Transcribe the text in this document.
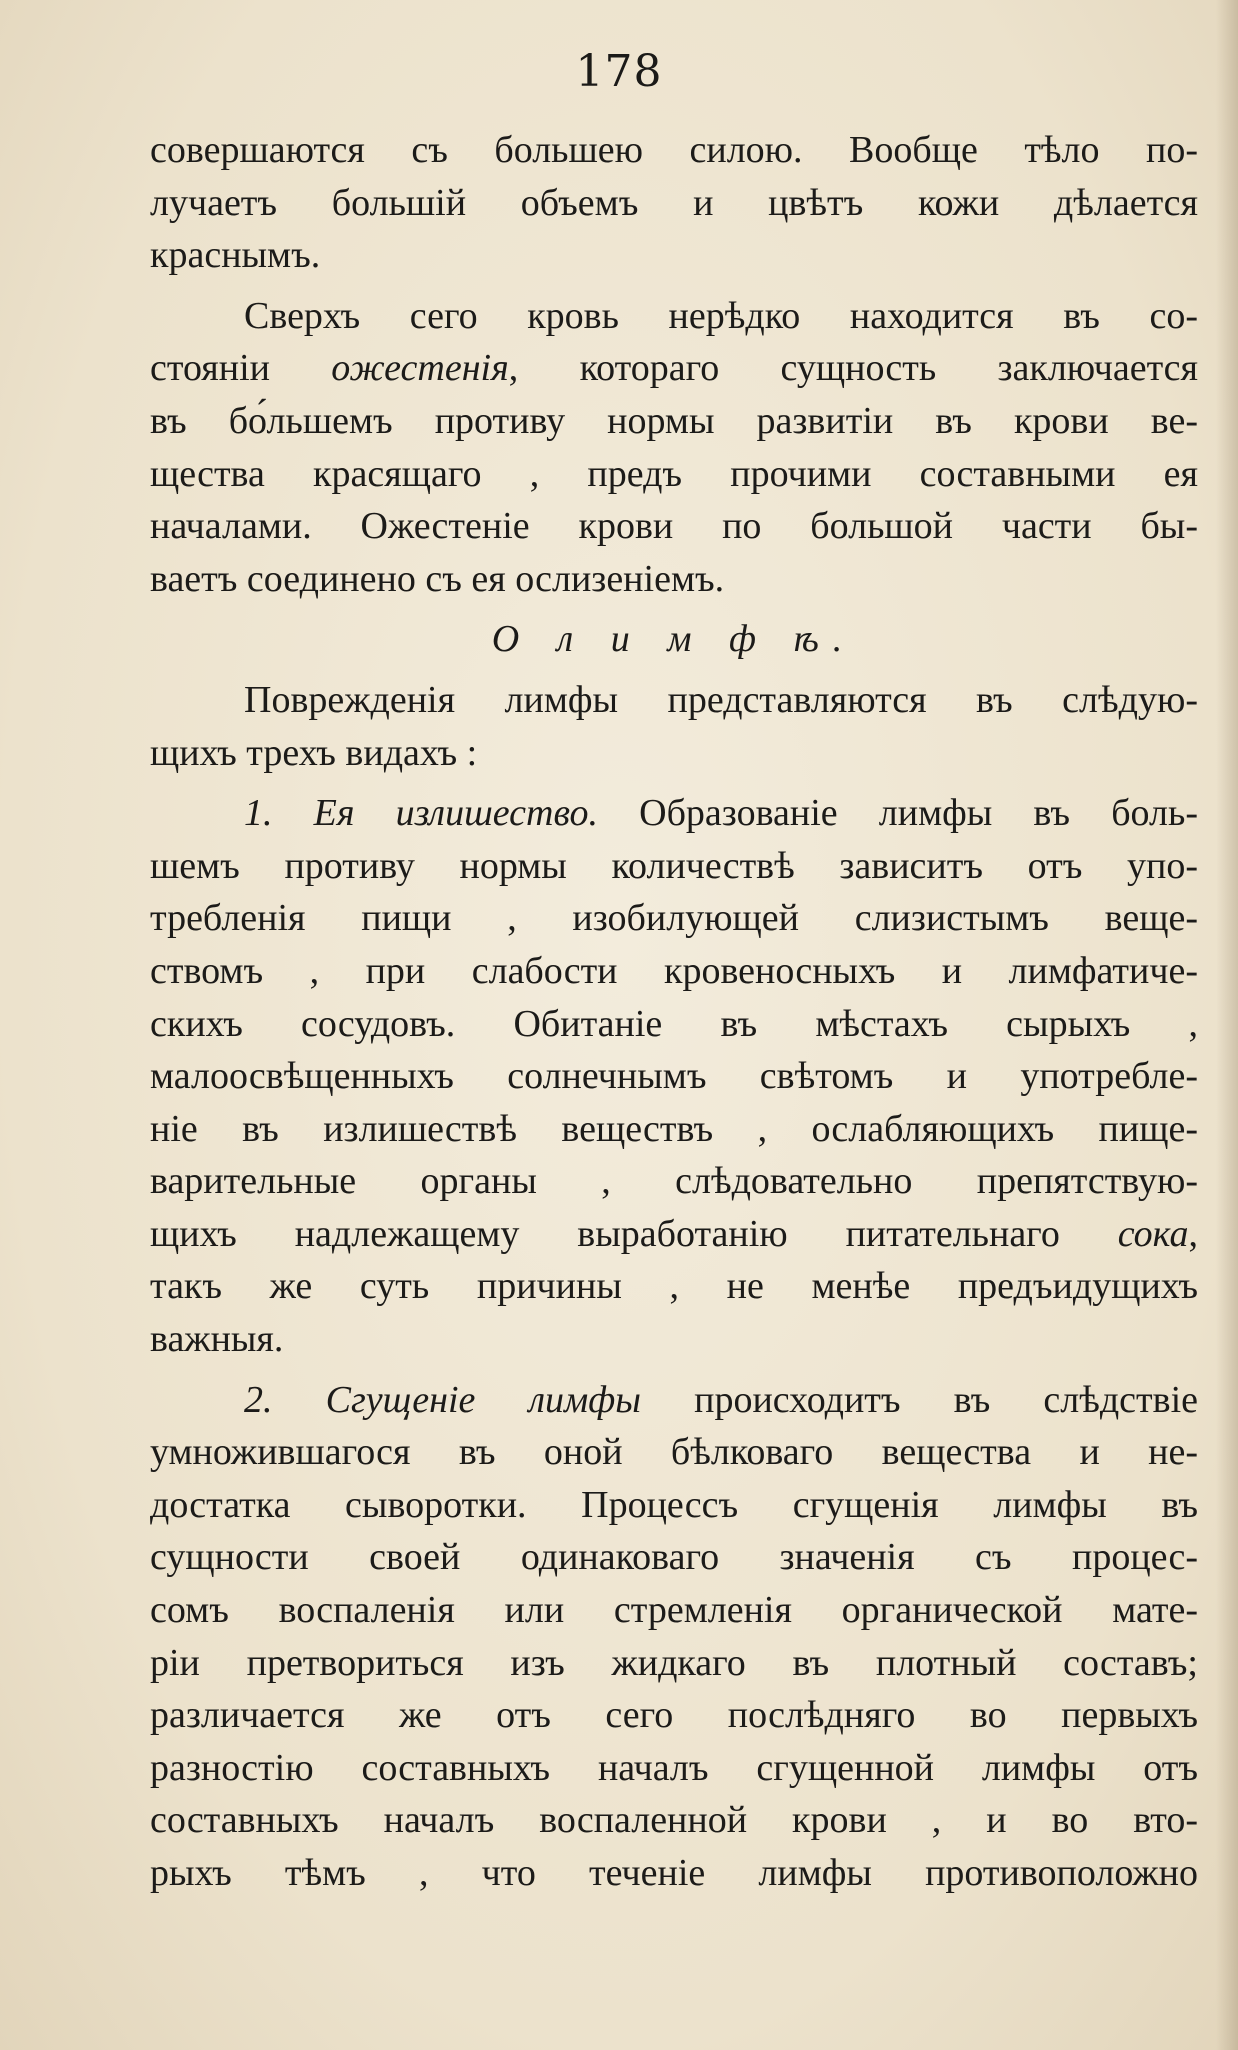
178
совершаются съ большею силою. Вообще тѣло по-
лучаетъ большій объемъ и цвѣтъ кожи дѣлается
краснымъ.
Сверхъ сего кровь нерѣдко находится въ со-
стояніи ожестенія, котораго сущность заключается
въ бо́льшемъ противу нормы развитіи въ крови ве-
щества красящаго , предъ прочими составными ея
началами. Ожестеніе крови по большой части бы-
ваетъ соединено съ ея ослизеніемъ.
О л и м ф ѣ.
Поврежденія лимфы представляются въ слѣдую-
щихъ трехъ видахъ :
1. Ея излишество. Образованіе лимфы въ боль-
шемъ противу нормы количествѣ зависитъ отъ упо-
требленія пищи , изобилующей слизистымъ веще-
ствомъ , при слабости кровеносныхъ и лимфатиче-
скихъ сосудовъ. Обитаніе въ мѣстахъ сырыхъ ,
малоосвѣщенныхъ солнечнымъ свѣтомъ и употребле-
ніе въ излишествѣ веществъ , ослабляющихъ пище-
варительные органы , слѣдовательно препятствую-
щихъ надлежащему выработанію питательнаго сока,
такъ же суть причины , не менѣе предъидущихъ
важныя.
2. Сгущеніе лимфы происходитъ въ слѣдствіе
умножившагося въ оной бѣлковаго вещества и не-
достатка сыворотки. Процессъ сгущенія лимфы въ
сущности своей одинаковаго значенія съ процес-
сомъ воспаленія или стремленія органической мате-
ріи претвориться изъ жидкаго въ плотный составъ;
различается же отъ сего послѣдняго во первыхъ
разностію составныхъ началъ сгущенной лимфы отъ
составныхъ началъ воспаленной крови , и во вто-
рыхъ тѣмъ , что теченіе лимфы противоположно
